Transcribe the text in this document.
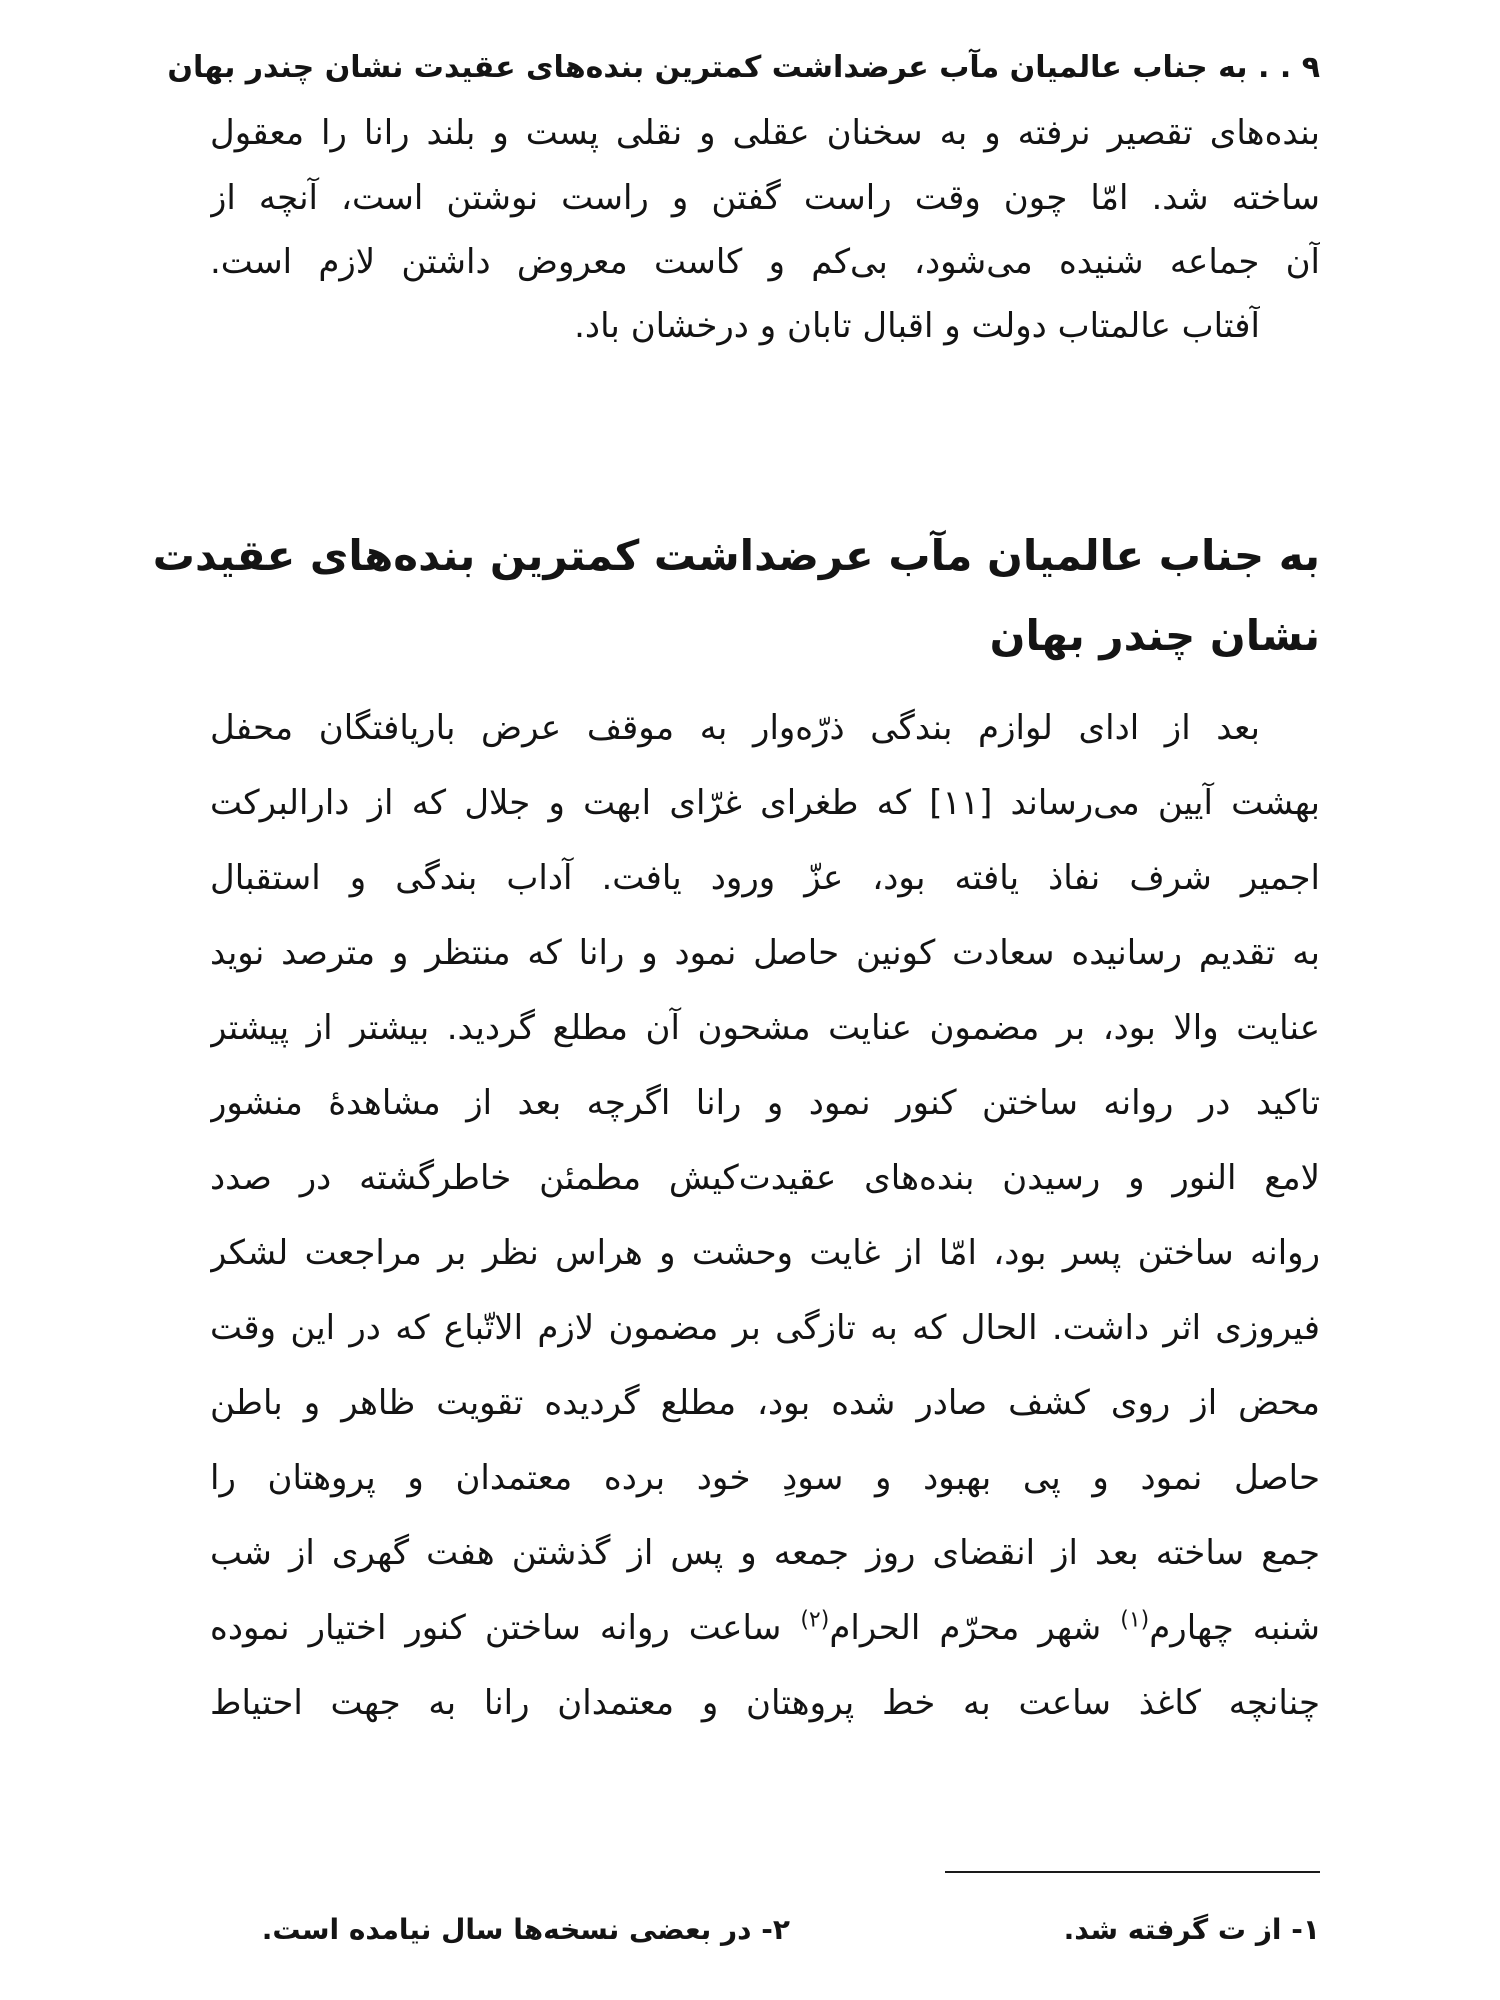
۹ . . به جناب عالمیان مآب عرضداشت کمترین بنده‌های عقیدت نشان چندر بهان
بنده‌های تقصیر نرفته و به سخنان عقلی و نقلی پست و بلند رانا را معقول
ساخته شد. امّا چون وقت راست گفتن و راست نوشتن است، آنچه از
آن جماعه شنیده می‌شود، بی‌کم و کاست معروض داشتن لازم است.
آفتاب عالمتاب دولت و اقبال تابان و درخشان باد.
به جناب عالمیان مآب عرضداشت کمترین بنده‌های عقیدت
نشان چندر بهان
بعد از ادای لوازم بندگی ذرّه‌وار به موقف عرض باریافتگان محفل
بهشت آیین می‌رساند [۱۱] که طغرای غرّای ابهت و جلال که از دارالبرکت
اجمیر شرف نفاذ یافته بود، عزّ ورود یافت. آداب بندگی و استقبال
به تقدیم رسانیده سعادت کونین حاصل نمود و رانا که منتظر و مترصد نوید
عنایت والا بود، بر مضمون عنایت مشحون آن مطلع گردید. بیشتر از پیشتر
تاکید در روانه ساختن کنور نمود و رانا اگرچه بعد از مشاهدهٔ منشور
لامع النور و رسیدن بنده‌های عقیدت‌کیش مطمئن خاطرگشته در صدد
روانه ساختن پسر بود، امّا از غایت وحشت و هراس نظر بر مراجعت لشکر
فیروزی اثر داشت. الحال که به تازگی بر مضمون لازم الاتّباع که در این وقت
محض از روی کشف صادر شده بود، مطلع گردیده تقویت ظاهر و باطن
حاصل نمود و پی بهبود و سودِ خود برده معتمدان و پروهتان را
جمع ساخته بعد از انقضای روز جمعه و پس از گذشتن هفت گهری از شب
شنبه چهارم$^{(۱)}$ شهر محرّم الحرام$^{(۲)}$ ساعت روانه ساختن کنور اختیار نموده
چنانچه کاغذ ساعت به خط پروهتان و معتمدان رانا به جهت احتیاط
۱- از ت گرفته شد.
۲- در بعضی نسخه‌ها سال نیامده است.
